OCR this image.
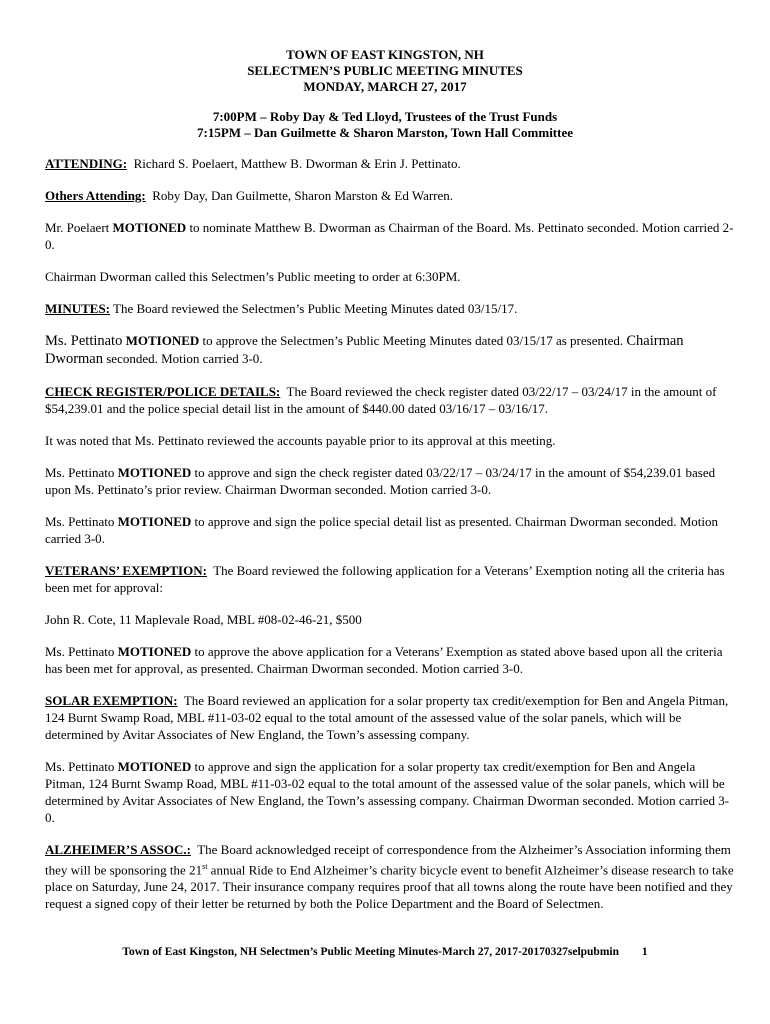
TOWN OF EAST KINGSTON, NH
SELECTMEN’S PUBLIC MEETING MINUTES
MONDAY, MARCH 27, 2017
7:00PM – Roby Day & Ted Lloyd, Trustees of the Trust Funds
7:15PM – Dan Guilmette & Sharon Marston, Town Hall Committee

ATTENDING: Richard S. Poelaert, Matthew B. Dworman & Erin J. Pettinato.

Others Attending: Roby Day, Dan Guilmette, Sharon Marston & Ed Warren.

Mr. Poelaert MOTIONED to nominate Matthew B. Dworman as Chairman of the Board. Ms. Pettinato seconded. Motion carried 2-0.

Chairman Dworman called this Selectmen’s Public meeting to order at 6:30PM.

MINUTES: The Board reviewed the Selectmen’s Public Meeting Minutes dated 03/15/17.

Ms. Pettinato MOTIONED to approve the Selectmen’s Public Meeting Minutes dated 03/15/17 as presented. Chairman Dworman seconded. Motion carried 3-0.

CHECK REGISTER/POLICE DETAILS: The Board reviewed the check register dated 03/22/17 – 03/24/17 in the amount of $54,239.01 and the police special detail list in the amount of $440.00 dated 03/16/17 – 03/16/17.

It was noted that Ms. Pettinato reviewed the accounts payable prior to its approval at this meeting.

Ms. Pettinato MOTIONED to approve and sign the check register dated 03/22/17 – 03/24/17 in the amount of $54,239.01 based upon Ms. Pettinato’s prior review. Chairman Dworman seconded. Motion carried 3-0.

Ms. Pettinato MOTIONED to approve and sign the police special detail list as presented. Chairman Dworman seconded. Motion carried 3-0.

VETERANS’ EXEMPTION: The Board reviewed the following application for a Veterans’ Exemption noting all the criteria has been met for approval:

John R. Cote, 11 Maplevale Road, MBL #08-02-46-21, $500

Ms. Pettinato MOTIONED to approve the above application for a Veterans’ Exemption as stated above based upon all the criteria has been met for approval, as presented. Chairman Dworman seconded. Motion carried 3-0.

SOLAR EXEMPTION: The Board reviewed an application for a solar property tax credit/exemption for Ben and Angela Pitman, 124 Burnt Swamp Road, MBL #11-03-02 equal to the total amount of the assessed value of the solar panels, which will be determined by Avitar Associates of New England, the Town’s assessing company.

Ms. Pettinato MOTIONED to approve and sign the application for a solar property tax credit/exemption for Ben and Angela Pitman, 124 Burnt Swamp Road, MBL #11-03-02 equal to the total amount of the assessed value of the solar panels, which will be determined by Avitar Associates of New England, the Town’s assessing company. Chairman Dworman seconded. Motion carried 3-0.

ALZHEIMER’S ASSOC.: The Board acknowledged receipt of correspondence from the Alzheimer’s Association informing them they will be sponsoring the 21st annual Ride to End Alzheimer’s charity bicycle event to benefit Alzheimer’s disease research to take place on Saturday, June 24, 2017. Their insurance company requires proof that all towns along the route have been notified and they request a signed copy of their letter be returned by both the Police Department and the Board of Selectmen.

Town of East Kingston, NH Selectmen’s Public Meeting Minutes-March 27, 2017-20170327selpubmin 1
